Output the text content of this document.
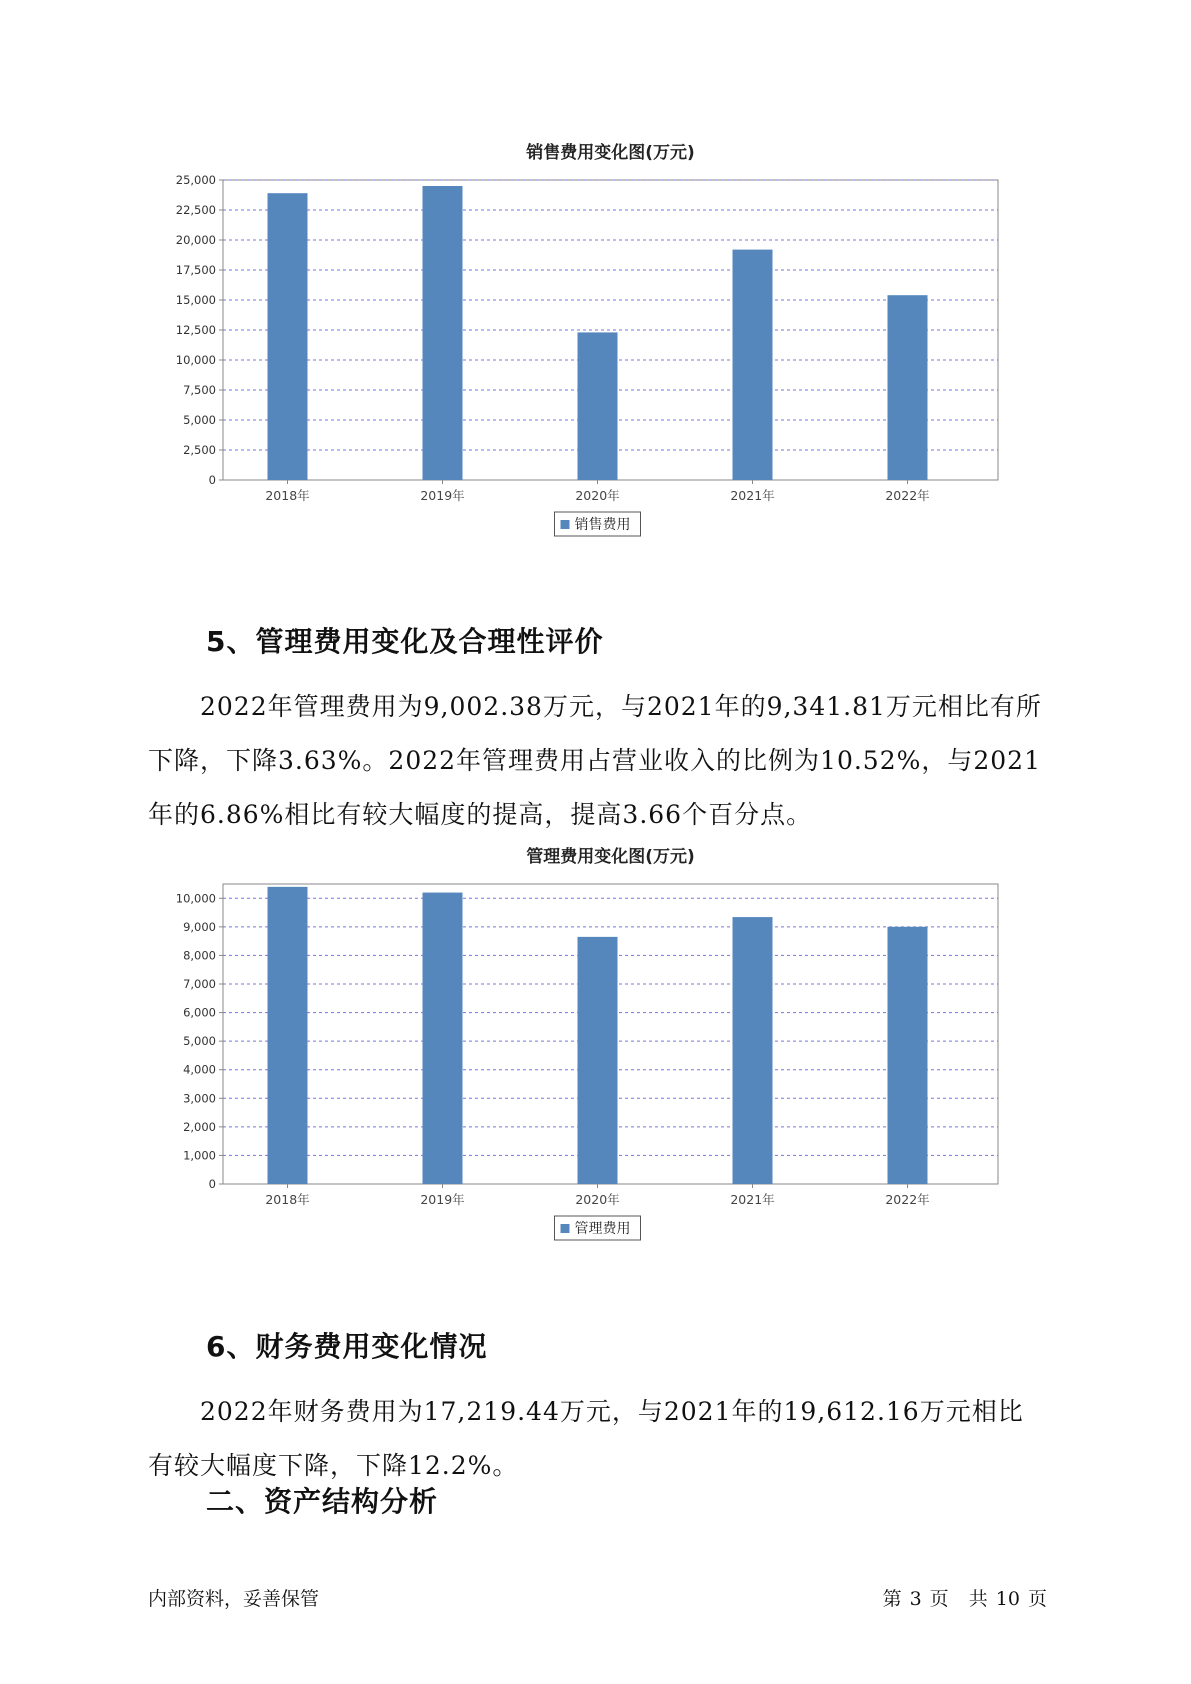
销售费用变化图(万元)
0
2,500
5,000
7,500
10,000
12,500
15,000
17,500
20,000
22,500
25,000
2018年	2019年	2020年	2021年	2022年
销售费用
5、管理费用变化及合理性评价

2022年管理费用为9,002.38万元，与2021年的9,341.81万元相比有所下降，下降3.63%。2022年管理费用占营业收入的比例为10.52%，与2021年的6.86%相比有较大幅度的提高，提高3.66个百分点。

管理费用变化图(万元)
0
1,000
2,000
3,000
4,000
5,000
6,000
7,000
8,000
9,000
10,000
2018年	2019年	2020年	2021年	2022年
管理费用
6、财务费用变化情况

2022年财务费用为17,219.44万元，与2021年的19,612.16万元相比有较大幅度下降，下降12.2%。

二、资产结构分析
内部资料，妥善保管	第 3 页 共 10 页
